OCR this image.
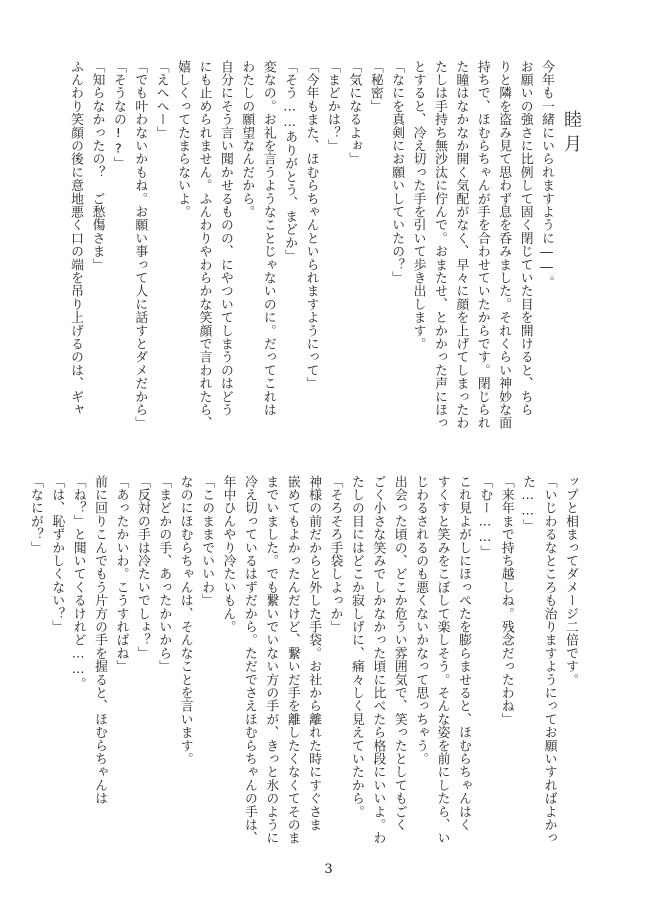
睦月
今年も一緒にいられますように――。
お願いの強さに比例して固く閉じていた目を開けると、ちら
りと隣を盗み見て思わず息を呑みました。それくらい神妙な面
持ちで、ほむらちゃんが手を合わせていたからです。閉じられ
た瞳はなかなか開く気配がなく、早々に顔を上げてしまったわ
たしは手持ち無沙汰に佇んで。おまたせ、とかかった声にほっ
とすると、冷え切った手を引いて歩き出します。
「なにを真剣にお願いしていたの？」
「秘密」
「気になるよぉ」
「まどかは？」
「今年もまた、ほむらちゃんといられますようにって」
「そう……ありがとう、まどか」
変なの。お礼を言うようなことじゃないのに。だってこれは
わたしの願望なんだから。
自分にそう言い聞かせるものの、にやついてしまうのはどう
にも止められません。ふんわりやわらかな笑顔で言われたら、
嬉しくってたまらないよ。
「えへへー」
「でも叶わないかもね。お願い事って人に話すとダメだから」
「そうなの!?」
「知らなかったの？　ご愁傷さま」
ふんわり笑顔の後に意地悪く口の端を吊り上げるのは、ギャ
ップと相まってダメージ二倍です。
「いじわるなところも治りますようにってお願いすればよかっ
た……」
「来年まで持ち越しね。残念だったわね」
「むー……」
これ見よがしにほっぺたを膨らませると、ほむらちゃんはく
すくすと笑みをこぼして楽しそう。そんな姿を前にしたら、い
じわるされるのも悪くないかなって思っちゃう。
出会った頃の、どこか危うい雰囲気で、笑ったとしてもごく
ごく小さな笑みでしかなかった頃に比べたら格段にいいよ。わ
たしの目にはどこか寂しげに、痛々しく見えていたから。
「そろそろ手袋しよっか」
神様の前だからと外した手袋。お社から離れた時にすぐさま
嵌めてもよかったんだけど、繋いだ手を離したくなくてそのま
までいました。でも繋いでいない方の手が、きっと氷のように
冷え切っているはずだから。ただでさえほむらちゃんの手は、
年中ひんやり冷たいもん。
「このままでいいわ」
なのにほむらちゃんは、そんなことを言います。
「まどかの手、あったかいから」
「反対の手は冷たいでしょ？」
「あったかいわ。こうすればね」
前に回りこんでもう片方の手を握ると、ほむらちゃんは
「ね？」と聞いてくるけれど……。
「は、恥ずかしくない？」
「なにが？」
3
